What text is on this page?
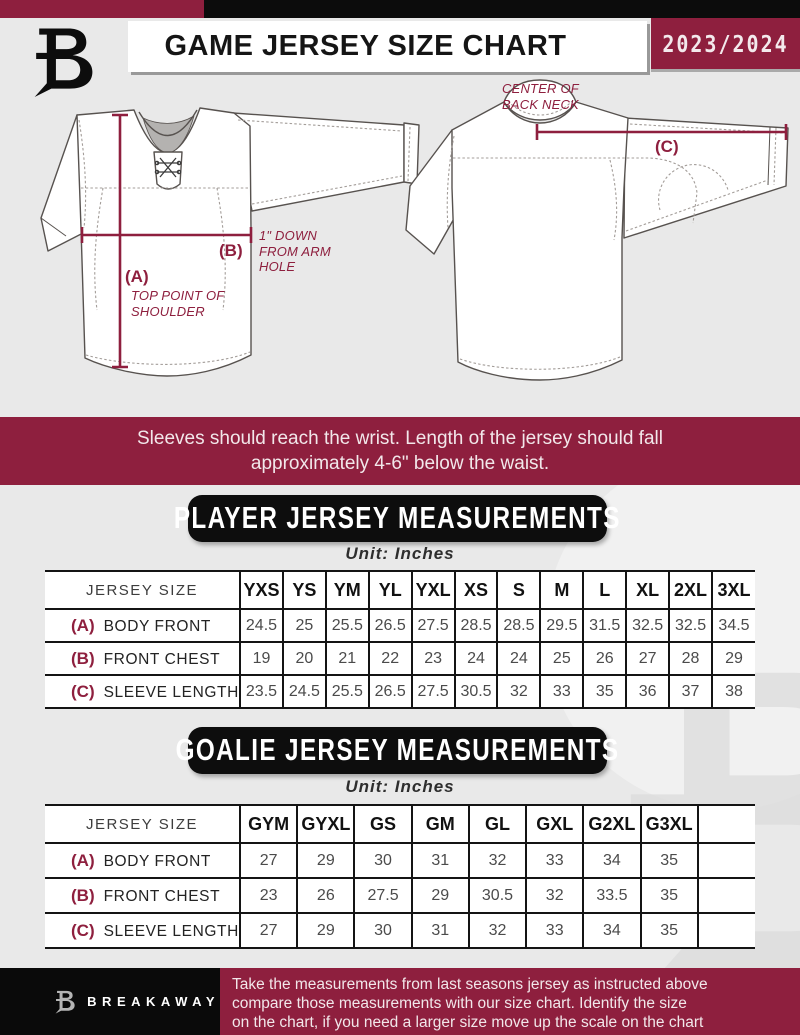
GAME JERSEY SIZE CHART	2023/2024
CENTER OF BACK NECK
(C)
(B)
1" DOWN FROM ARM HOLE
(A)
TOP POINT OF SHOULDER
Sleeves should reach the wrist. Length of the jersey should fall
approximately 4-6" below the waist.
PLAYER JERSEY MEASUREMENTS
Unit: Inches
JERSEY SIZE	YXS	YS	YM	YL	YXL	XS	S	M	L	XL	2XL	3XL
(A) BODY FRONT	24.5	25	25.5	26.5	27.5	28.5	28.5	29.5	31.5	32.5	32.5	34.5
(B) FRONT CHEST	19	20	21	22	23	24	24	25	26	27	28	29
(C) SLEEVE LENGTH	23.5	24.5	25.5	26.5	27.5	30.5	32	33	35	36	37	38
GOALIE JERSEY MEASUREMENTS
Unit: Inches
JERSEY SIZE	GYM	GYXL	GS	GM	GL	GXL	G2XL	G3XL	
(A) BODY FRONT	27	29	30	31	32	33	34	35	
(B) FRONT CHEST	23	26	27.5	29	30.5	32	33.5	35	
(C) SLEEVE LENGTH	27	29	30	31	32	33	34	35	
BREAKAWAY
Take the measurements from last seasons jersey as instructed above
compare those measurements with our size chart. Identify the size
on the chart, if you need a larger size move up the scale on the chart
